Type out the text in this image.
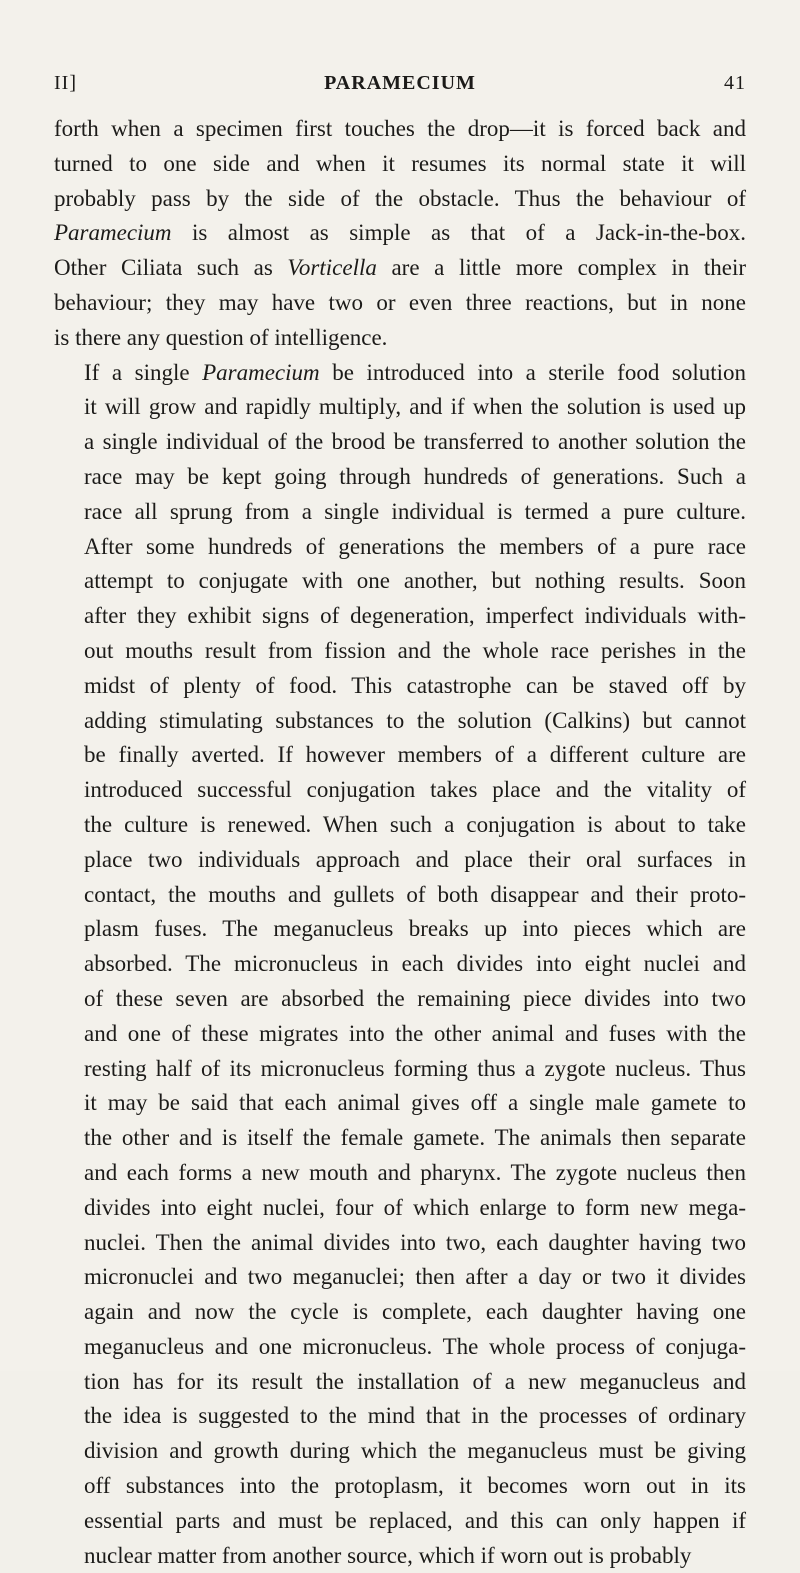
II]	PARAMECIUM	41

forth when a specimen first touches the drop—it is forced back and
turned to one side and when it resumes its normal state it will
probably pass by the side of the obstacle. Thus the behaviour of
Paramecium is almost as simple as that of a Jack-in-the-box.
Other Ciliata such as Vorticella are a little more complex in their
behaviour; they may have two or even three reactions, but in none
is there any question of intelligence.

If a single Paramecium be introduced into a sterile food solution
it will grow and rapidly multiply, and if when the solution is used up
a single individual of the brood be transferred to another solution the
race may be kept going through hundreds of generations. Such a
race all sprung from a single individual is termed a pure culture.
After some hundreds of generations the members of a pure race
attempt to conjugate with one another, but nothing results. Soon
after they exhibit signs of degeneration, imperfect individuals with-
out mouths result from fission and the whole race perishes in the
midst of plenty of food. This catastrophe can be staved off by
adding stimulating substances to the solution (Calkins) but cannot
be finally averted. If however members of a different culture are
introduced successful conjugation takes place and the vitality of
the culture is renewed. When such a conjugation is about to take
place two individuals approach and place their oral surfaces in
contact, the mouths and gullets of both disappear and their proto-
plasm fuses. The meganucleus breaks up into pieces which are
absorbed. The micronucleus in each divides into eight nuclei and
of these seven are absorbed the remaining piece divides into two
and one of these migrates into the other animal and fuses with the
resting half of its micronucleus forming thus a zygote nucleus. Thus
it may be said that each animal gives off a single male gamete to
the other and is itself the female gamete. The animals then separate
and each forms a new mouth and pharynx. The zygote nucleus then
divides into eight nuclei, four of which enlarge to form new mega-
nuclei. Then the animal divides into two, each daughter having two
micronuclei and two meganuclei; then after a day or two it divides
again and now the cycle is complete, each daughter having one
meganucleus and one micronucleus. The whole process of conjuga-
tion has for its result the installation of a new meganucleus and
the idea is suggested to the mind that in the processes of ordinary
division and growth during which the meganucleus must be giving
off substances into the protoplasm, it becomes worn out in its
essential parts and must be replaced, and this can only happen if
nuclear matter from another source, which if worn out is probably
